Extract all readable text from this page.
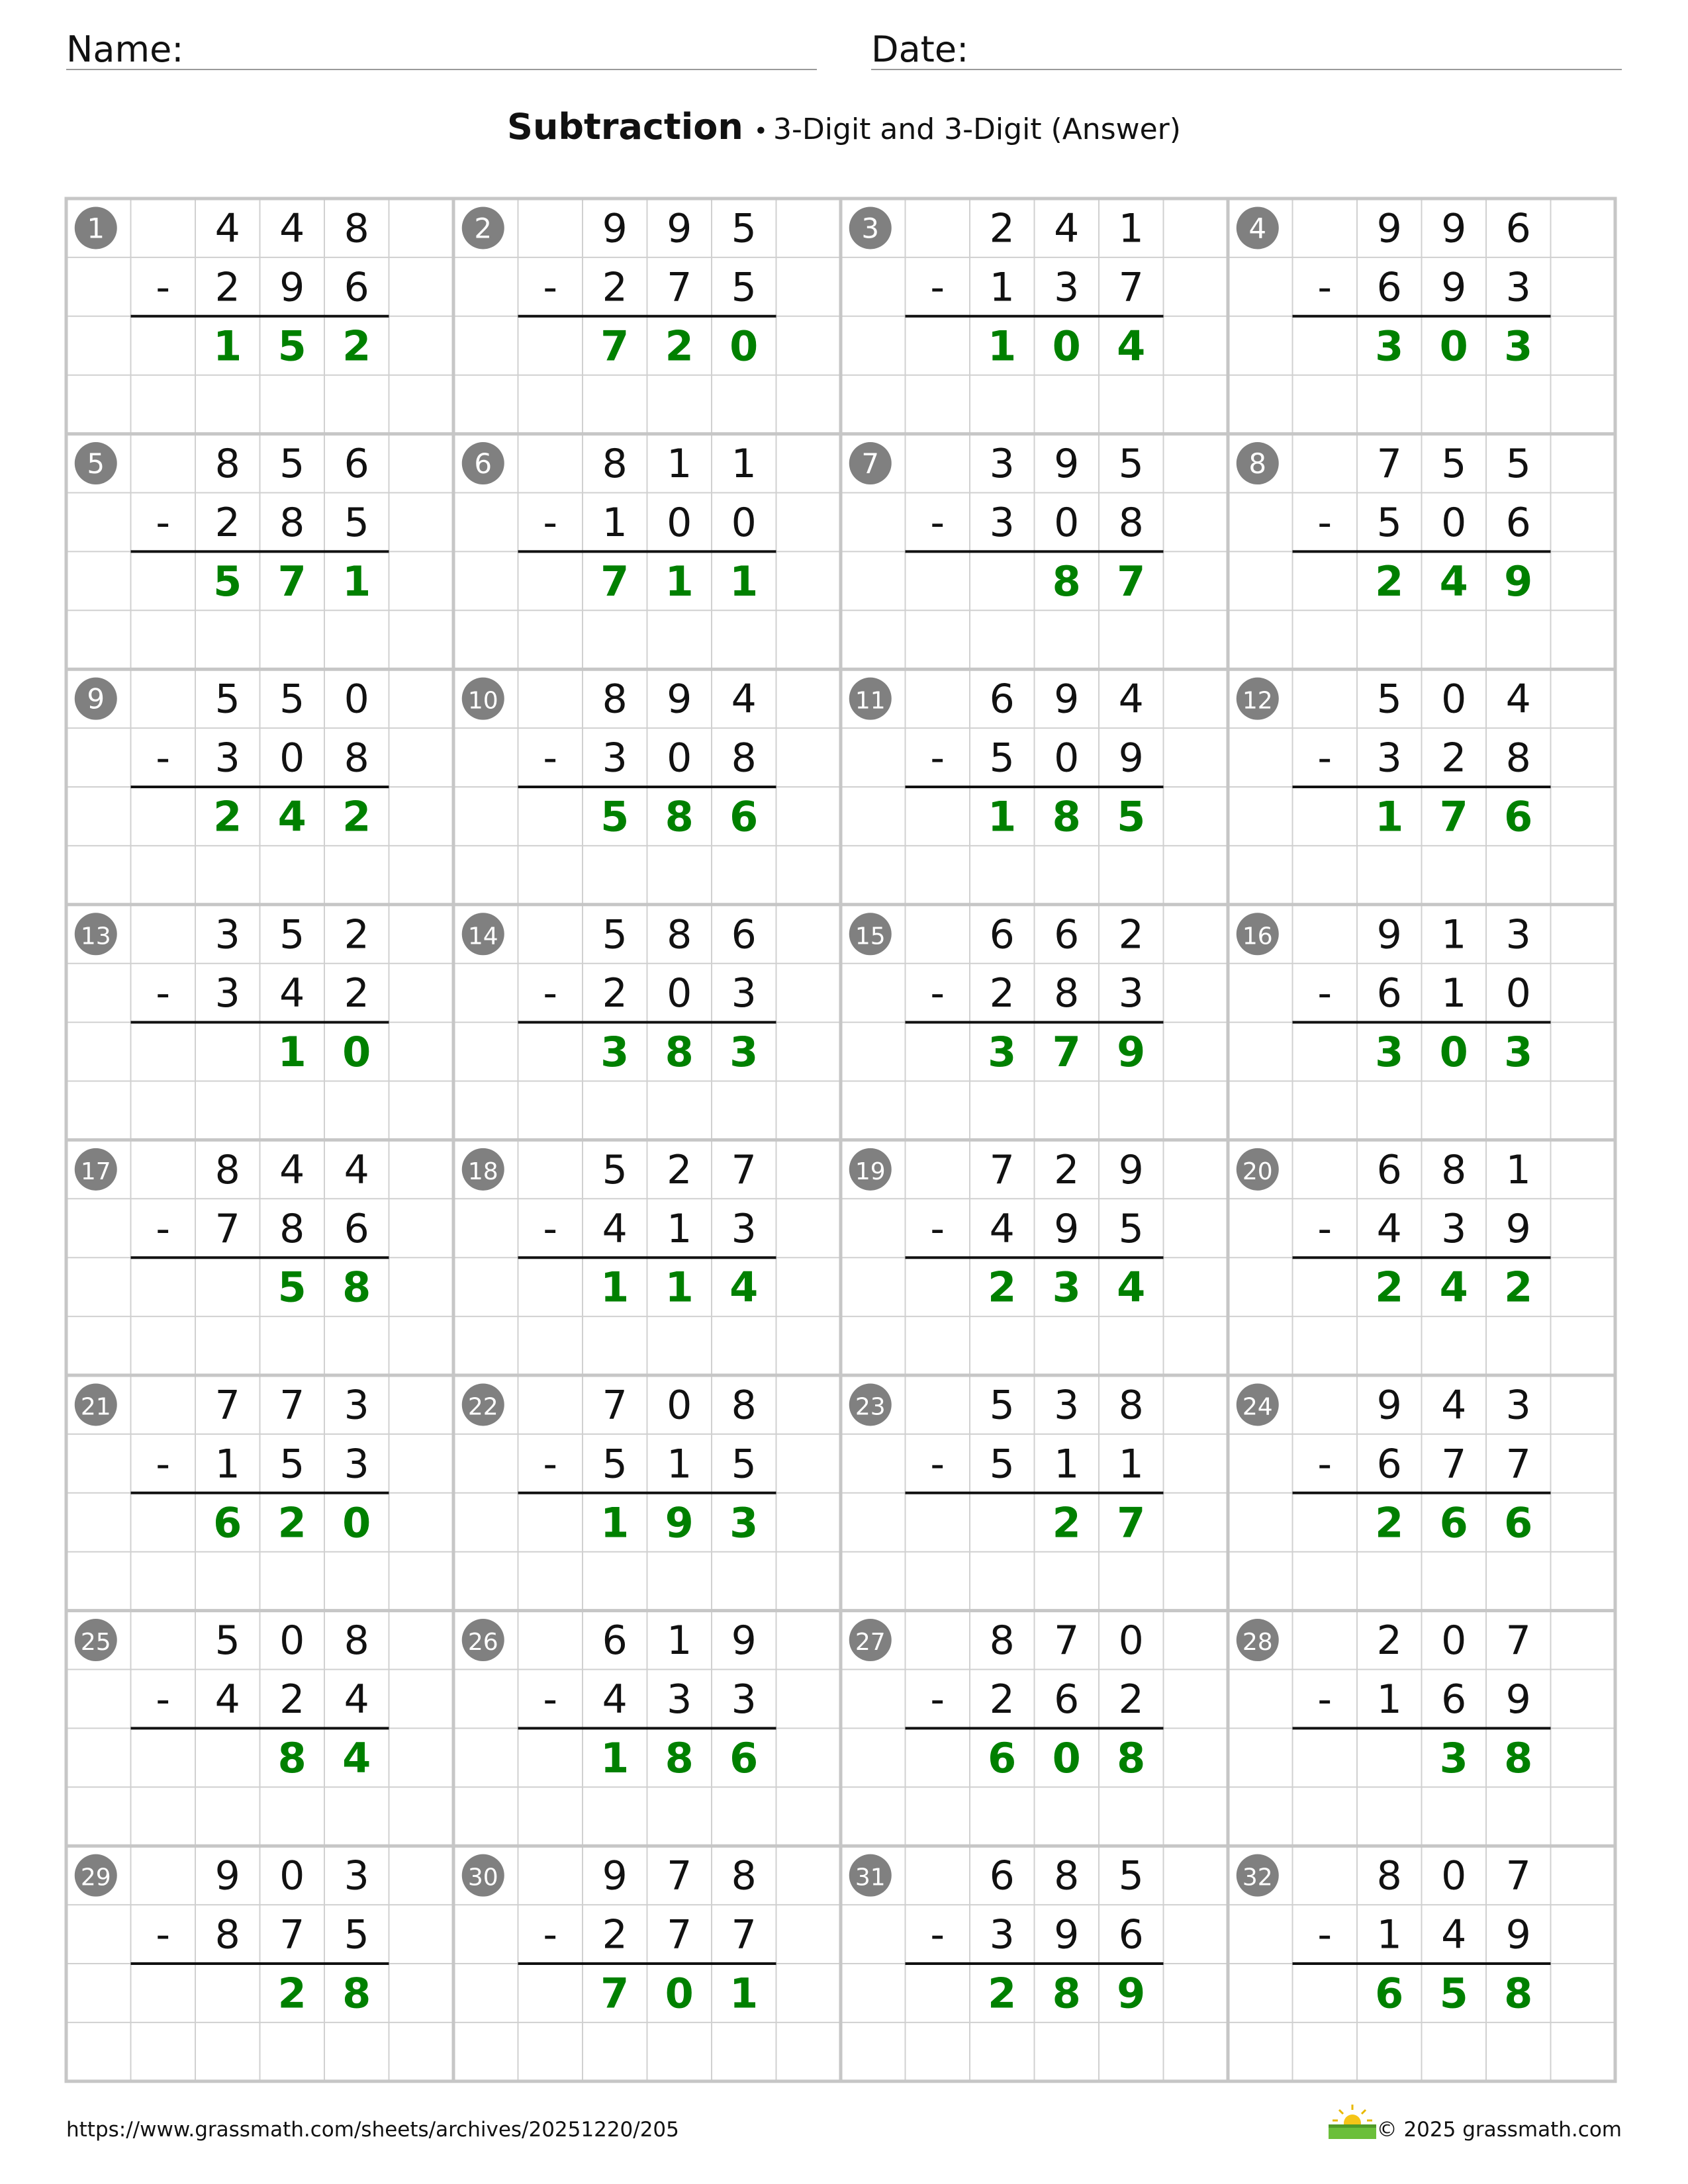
Name:	Date:
Subtraction • 3-Digit and 3-Digit (Answer)
1	4 4 8
- 2 9 6
1 5 2
2	9 9 5
- 2 7 5
7 2 0
3	2 4 1
- 1 3 7
1 0 4
4	9 9 6
- 6 9 3
3 0 3
5	8 5 6
- 2 8 5
5 7 1
6	8 1 1
- 1 0 0
7 1 1
7	3 9 5
- 3 0 8
8 7
8	7 5 5
- 5 0 6
2 4 9
9	5 5 0
- 3 0 8
2 4 2
10	8 9 4
- 3 0 8
5 8 6
11	6 9 4
- 5 0 9
1 8 5
12	5 0 4
- 3 2 8
1 7 6
13	3 5 2
- 3 4 2
1 0
14	5 8 6
- 2 0 3
3 8 3
15	6 6 2
- 2 8 3
3 7 9
16	9 1 3
- 6 1 0
3 0 3
17	8 4 4
- 7 8 6
5 8
18	5 2 7
- 4 1 3
1 1 4
19	7 2 9
- 4 9 5
2 3 4
20	6 8 1
- 4 3 9
2 4 2
21	7 7 3
- 1 5 3
6 2 0
22	7 0 8
- 5 1 5
1 9 3
23	5 3 8
- 5 1 1
2 7
24	9 4 3
- 6 7 7
2 6 6
25	5 0 8
- 4 2 4
8 4
26	6 1 9
- 4 3 3
1 8 6
27	8 7 0
- 2 6 2
6 0 8
28	2 0 7
- 1 6 9
3 8
29	9 0 3
- 8 7 5
2 8
30	9 7 8
- 2 7 7
7 0 1
31	6 8 5
- 3 9 6
2 8 9
32	8 0 7
- 1 4 9
6 5 8
https://www.grassmath.com/sheets/archives/20251220/205	© 2025 grassmath.com
